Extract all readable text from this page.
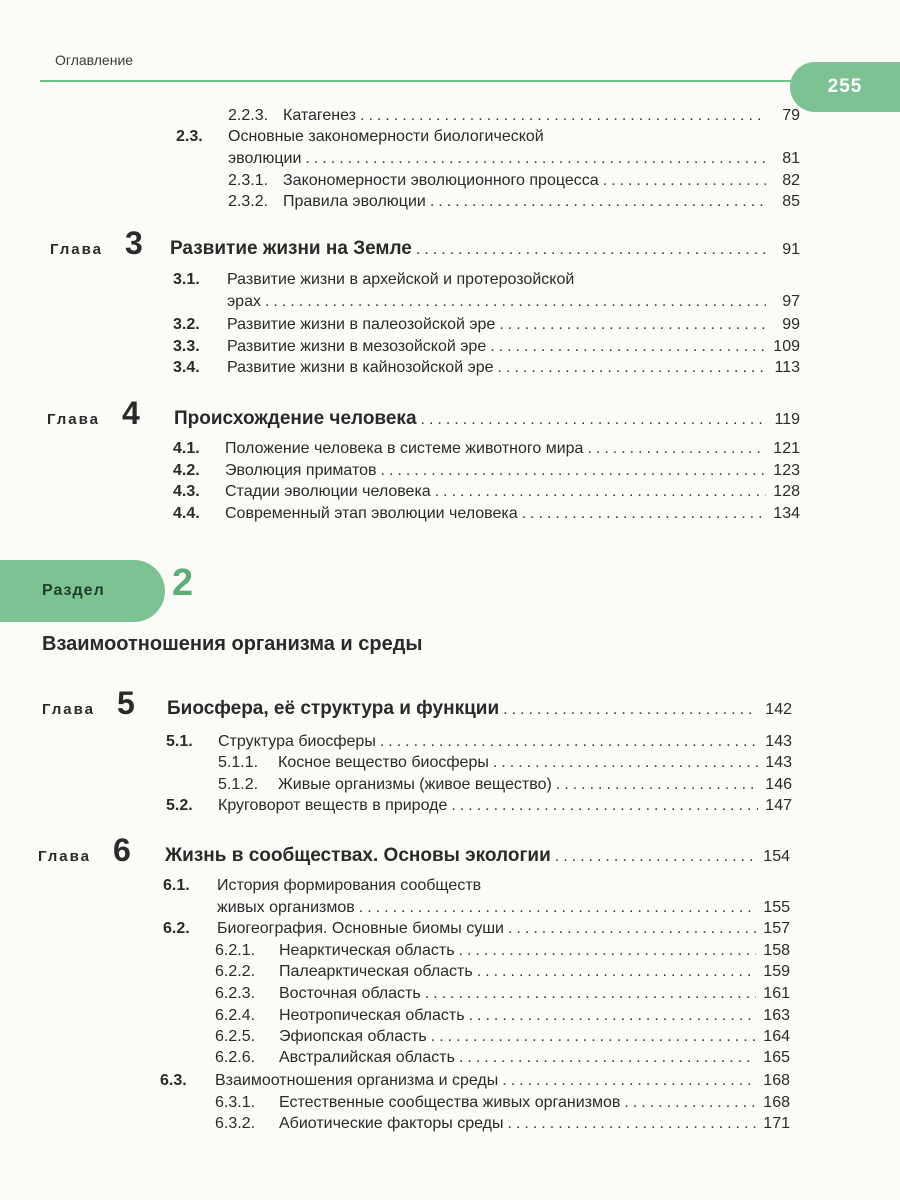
Оглавление
255
2.2.3. Катагенез .....	79
2.3.	Основные закономерности биологической
эволюции .....	81
2.3.1. Закономерности эволюционного процесса .....	82
2.3.2. Правила эволюции .....	85
Глава 3	Развитие жизни на Земле .....	91
3.1.	Развитие жизни в архейской и протерозойской
эрах .....	97
3.2.	Развитие жизни в палеозойской эре .....	99
3.3.	Развитие жизни в мезозойской эре .....	109
3.4.	Развитие жизни в кайнозойской эре .....	113
Глава 4	Происхождение человека .....	119
4.1.	Положение человека в системе животного мира .....	121
4.2.	Эволюция приматов .....	123
4.3.	Стадии эволюции человека .....	128
4.4.	Современный этап эволюции человека .....	134
Раздел 2
Взаимоотношения организма и среды
Глава 5	Биосфера, её структура и функции .....	142
5.1.	Структура биосферы .....	143
5.1.1.	Косное вещество биосферы .....	143
5.1.2.	Живые организмы (живое вещество) .....	146
5.2.	Круговорот веществ в природе .....	147
Глава 6	Жизнь в сообществах. Основы экологии .....	154
6.1.	История формирования сообществ
живых организмов .....	155
6.2.	Биогеография. Основные биомы суши .....	157
6.2.1.	Неарктическая область .....	158
6.2.2.	Палеарктическая область .....	159
6.2.3.	Восточная область .....	161
6.2.4.	Неотропическая область .....	163
6.2.5.	Эфиопская область .....	164
6.2.6.	Австралийская область .....	165
6.3.	Взаимоотношения организма и среды .....	168
6.3.1.	Естественные сообщества живых организмов .....	168
6.3.2.	Абиотические факторы среды .....	171
